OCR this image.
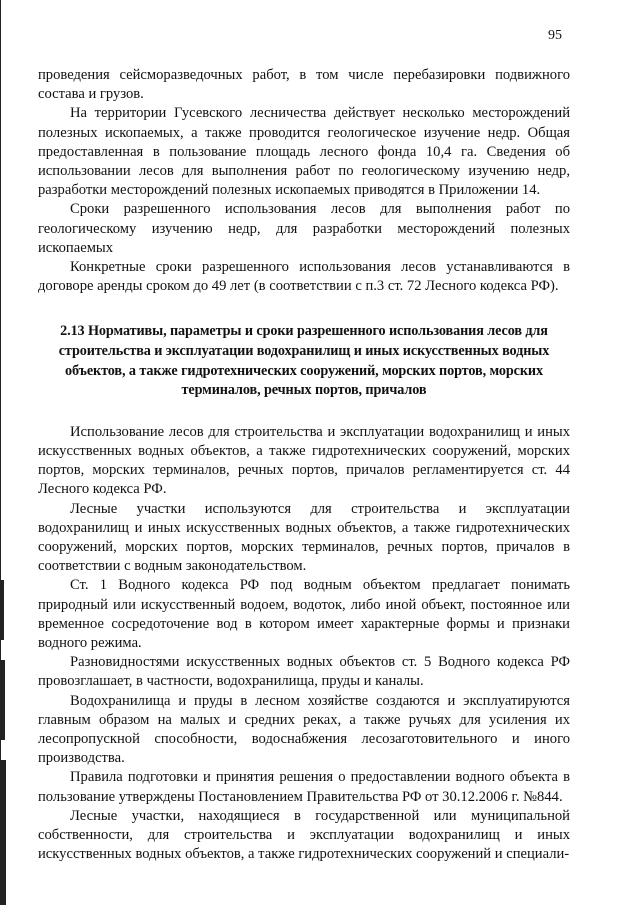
95

проведения сейсморазведочных работ, в том числе перебазировки подвижного состава и грузов.

На территории Гусевского лесничества действует несколько месторождений полезных ископаемых, а также проводится геологическое изучение недр. Общая предоставленная в пользование площадь лесного фонда 10,4 га. Сведения об использовании лесов для выполнения работ по геологическому изучению недр, разработки месторождений полезных ископаемых приводятся в Приложении 14.

Сроки разрешенного использования лесов для выполнения работ по геологическому изучению недр, для разработки месторождений полезных ископаемых

Конкретные сроки разрешенного использования лесов устанавливаются в договоре аренды сроком до 49 лет (в соответствии с п.3 ст. 72 Лесного кодекса РФ).

2.13 Нормативы, параметры и сроки разрешенного использования лесов для строительства и эксплуатации водохранилищ и иных искусственных водных объектов, а также гидротехнических сооружений, морских портов, морских терминалов, речных портов, причалов

Использование лесов для строительства и эксплуатации водохранилищ и иных искусственных водных объектов, а также гидротехнических сооружений, морских портов, морских терминалов, речных портов, причалов регламентируется ст. 44 Лесного кодекса РФ.

Лесные участки используются для строительства и эксплуатации водохранилищ и иных искусственных водных объектов, а также гидротехнических сооружений, морских портов, морских терминалов, речных портов, причалов в соответствии с водным законодательством.

Ст. 1 Водного кодекса РФ под водным объектом предлагает понимать природный или искусственный водоем, водоток, либо иной объект, постоянное или временное сосредоточение вод в котором имеет характерные формы и признаки водного режима.

Разновидностями искусственных водных объектов ст. 5 Водного кодекса РФ провозглашает, в частности, водохранилища, пруды и каналы.

Водохранилища и пруды в лесном хозяйстве создаются и эксплуатируются главным образом на малых и средних реках, а также ручьях для усиления их лесопропускной способности, водоснабжения лесозаготовительного и иного производства.

Правила подготовки и принятия решения о предоставлении водного объекта в пользование утверждены Постановлением Правительства РФ от 30.12.2006 г. №844.

Лесные участки, находящиеся в государственной или муниципальной собственности, для строительства и эксплуатации водохранилищ и иных искусственных водных объектов, а также гидротехнических сооружений и специали-
